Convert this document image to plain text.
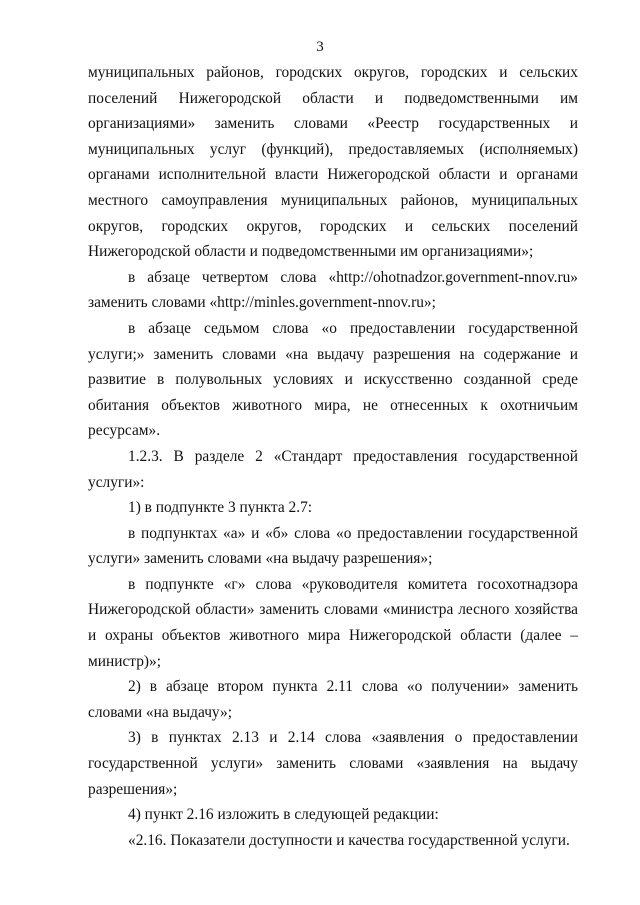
3

муниципальных районов, городских округов, городских и сельских поселений Нижегородской области и подведомственными им организациями» заменить словами «Реестр государственных и муниципальных услуг (функций), предоставляемых (исполняемых) органами исполнительной власти Нижегородской области и органами местного самоуправления муниципальных районов, муниципальных округов, городских округов, городских и сельских поселений Нижегородской области и подведомственными им организациями»;

в абзаце четвертом слова «http://ohotnadzor.government-nnov.ru» заменить словами «http://minles.government-nnov.ru»;

в абзаце седьмом слова «о предоставлении государственной услуги;» заменить словами «на выдачу разрешения на содержание и развитие в полувольных условиях и искусственно созданной среде обитания объектов животного мира, не отнесенных к охотничьим ресурсам».

1.2.3. В разделе 2 «Стандарт предоставления государственной услуги»:

1) в подпункте 3 пункта 2.7:

в подпунктах «а» и «б» слова «о предоставлении государственной услуги» заменить словами «на выдачу разрешения»;

в подпункте «г» слова «руководителя комитета госохотнадзора Нижегородской области» заменить словами «министра лесного хозяйства и охраны объектов животного мира Нижегородской области (далее – министр)»;

2) в абзаце втором пункта 2.11 слова «о получении» заменить словами «на выдачу»;

3) в пунктах 2.13 и 2.14 слова «заявления о предоставлении государственной услуги» заменить словами «заявления на выдачу разрешения»;

4) пункт 2.16 изложить в следующей редакции:

«2.16. Показатели доступности и качества государственной услуги.
